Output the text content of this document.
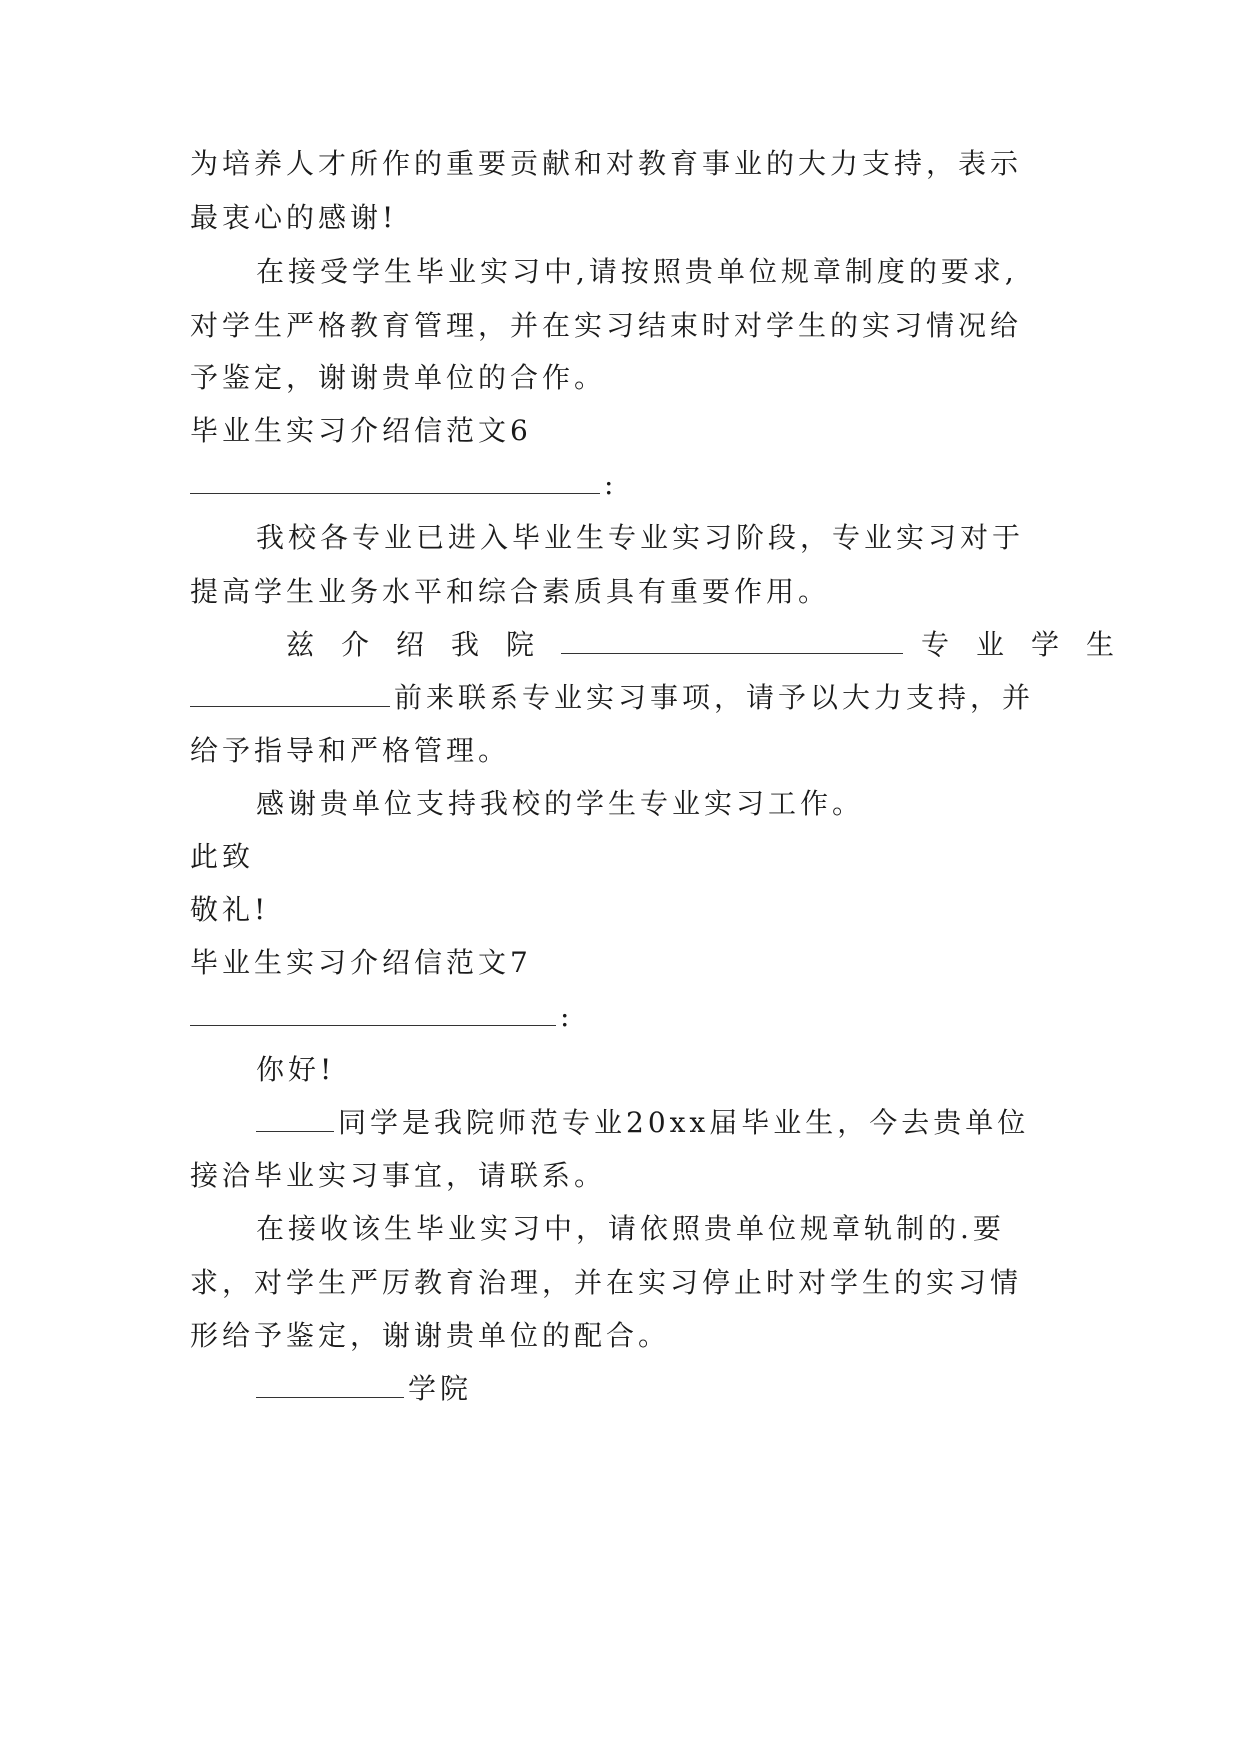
为培养人才所作的重要贡献和对教育事业的大力支持，表示
最衷心的感谢!
在接受学生毕业实习中,请按照贵单位规章制度的要求,
对学生严格教育管理，并在实习结束时对学生的实习情况给
予鉴定，谢谢贵单位的合作。
毕业生实习介绍信范文6
:
我校各专业已进入毕业生专业实习阶段，专业实习对于
提高学生业务水平和综合素质具有重要作用。
兹介绍我院	专业学生
前来联系专业实习事项，请予以大力支持，并
给予指导和严格管理。
感谢贵单位支持我校的学生专业实习工作。
此致
敬礼!
毕业生实习介绍信范文7
:
你好!
同学是我院师范专业20xx届毕业生，今去贵单位
接洽毕业实习事宜，请联系。
在接收该生毕业实习中，请依照贵单位规章轨制的.要
求，对学生严厉教育治理，并在实习停止时对学生的实习情
形给予鉴定，谢谢贵单位的配合。
学院
